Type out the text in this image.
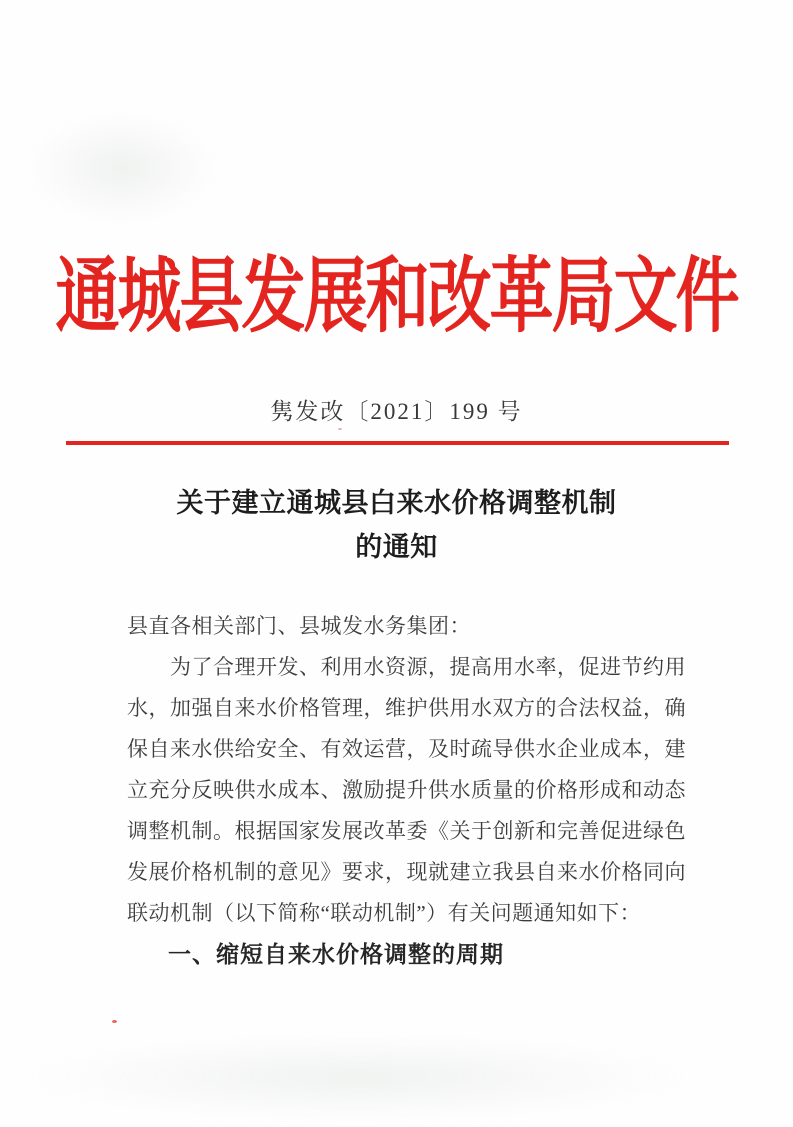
通城县发展和改革局文件
隽发改〔2021〕199 号
关于建立通城县白来水价格调整机制
的通知
县直各相关部门、县城发水务集团：
　　为了合理开发、利用水资源，提高用水率，促进节约用
水，加强自来水价格管理，维护供用水双方的合法权益，确
保自来水供给安全、有效运营，及时疏导供水企业成本，建
立充分反映供水成本、激励提升供水质量的价格形成和动态
调整机制。根据国家发展改革委《关于创新和完善促进绿色
发展价格机制的意见》要求，现就建立我县自来水价格同向
联动机制（以下简称“联动机制”）有关问题通知如下：
一、缩短自来水价格调整的周期
